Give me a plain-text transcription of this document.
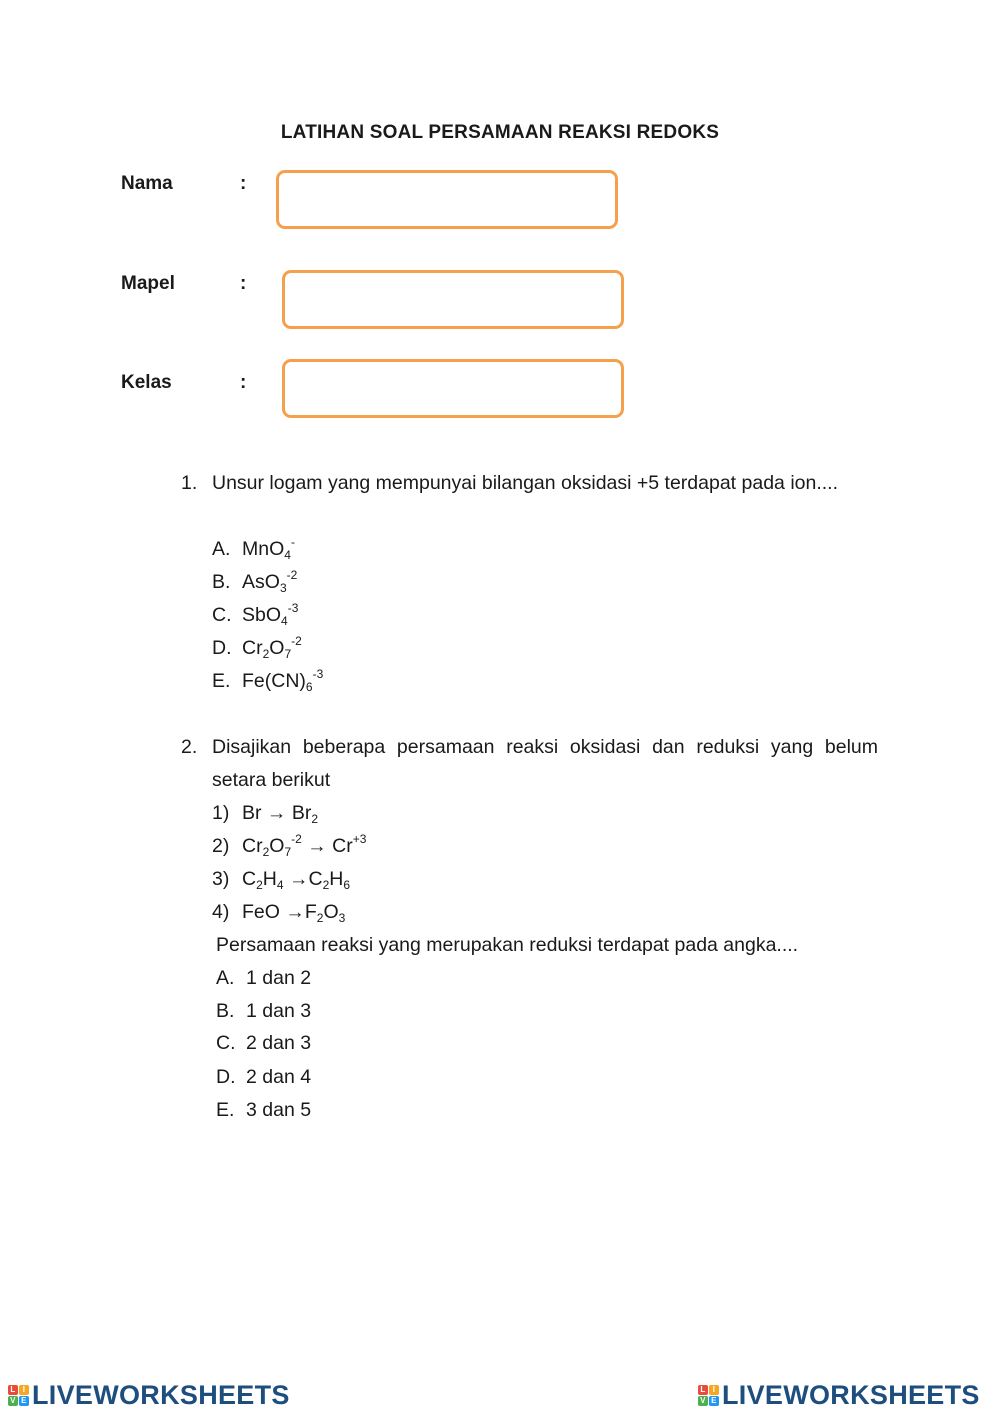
LATIHAN SOAL PERSAMAAN REAKSI REDOKS
Nama	:
Mapel	:
Kelas	:
1. Unsur logam yang mempunyai bilangan oksidasi +5 terdapat pada ion....
A. MnO$_4$-
B. AsO$_3^{-2}$
C. SbO$_4^{-3}$
D. $Cr_2O_7^{-2}$
E. $Fe(CN)_6^{-3}$
2. Disajikan beberapa persamaan reaksi oksidasi dan reduksi yang belum setara berikut
1) $Br \to Br_2$
2) $Cr_2O_7^{-2} \to Cr^{+3}$
3) $C_2H_4 \to C_2H_6$
4) FeO $\to F_2O_3$
Persamaan reaksi yang merupakan reduksi terdapat pada angka....
A. 1 dan 2
B. 1 dan 3
C. 2 dan 3
D. 2 dan 4
E. 3 dan 5
L I
V E LIVEWORKSHEETS	L I
V E LIVEWORKSHEETS
